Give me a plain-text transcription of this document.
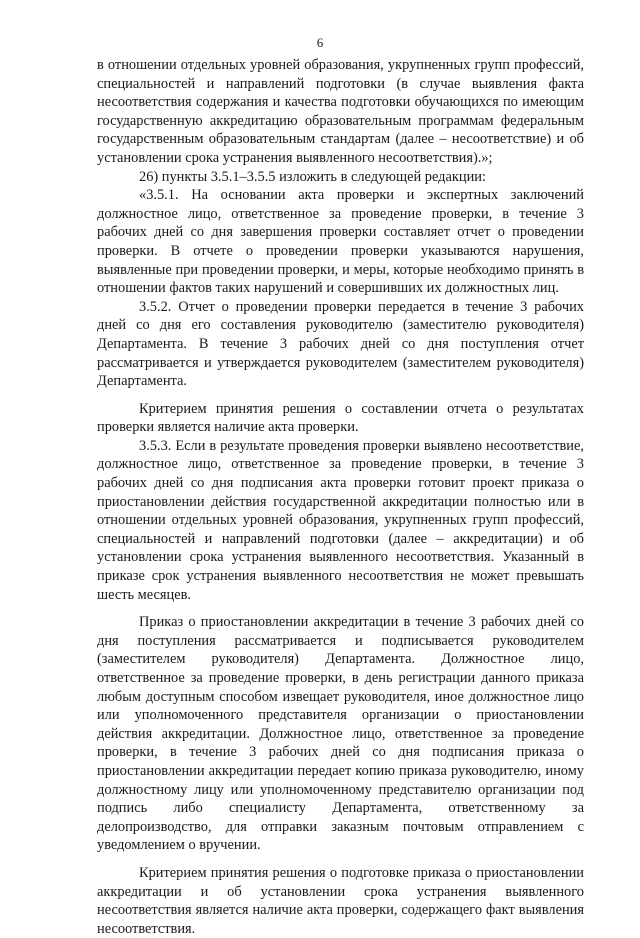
6

в отношении отдельных уровней образования, укрупненных групп профессий, специальностей и направлений подготовки (в случае выявления факта несоответствия содержания и качества подготовки обучающихся по имеющим государственную аккредитацию образовательным программам федеральным государственным образовательным стандартам (далее – несоответствие) и об установлении срока устранения выявленного несоответствия).»;

26) пункты 3.5.1–3.5.5 изложить в следующей редакции:

«3.5.1. На основании акта проверки и экспертных заключений должностное лицо, ответственное за проведение проверки, в течение 3 рабочих дней со дня завершения проверки составляет отчет о проведении проверки. В отчете о проведении проверки указываются нарушения, выявленные при проведении проверки, и меры, которые необходимо принять в отношении фактов таких нарушений и совершивших их должностных лиц.

3.5.2. Отчет о проведении проверки передается в течение 3 рабочих дней со дня его составления руководителю (заместителю руководителя) Департамента. В течение 3 рабочих дней со дня поступления отчет рассматривается и утверждается руководителем (заместителем руководителя) Департамента.

Критерием принятия решения о составлении отчета о результатах проверки является наличие акта проверки.

3.5.3. Если в результате проведения проверки выявлено несоответствие, должностное лицо, ответственное за проведение проверки, в течение 3 рабочих дней со дня подписания акта проверки готовит проект приказа о приостановлении действия государственной аккредитации полностью или в отношении отдельных уровней образования, укрупненных групп профессий, специальностей и направлений подготовки (далее – аккредитации) и об установлении срока устранения выявленного несоответствия. Указанный в приказе срок устранения выявленного несоответствия не может превышать шесть месяцев.

Приказ о приостановлении аккредитации в течение 3 рабочих дней со дня поступления рассматривается и подписывается руководителем (заместителем руководителя) Департамента. Должностное лицо, ответственное за проведение проверки, в день регистрации данного приказа любым доступным способом извещает руководителя, иное должностное лицо или уполномоченного представителя организации о приостановлении действия аккредитации. Должностное лицо, ответственное за проведение проверки, в течение 3 рабочих дней со дня подписания приказа о приостановлении аккредитации передает копию приказа руководителю, иному должностному лицу или уполномоченному представителю организации под подпись либо специалисту Департамента, ответственному за делопроизводство, для отправки заказным почтовым отправлением с уведомлением о вручении.

Критерием принятия решения о подготовке приказа о приостановлении аккредитации и об установлении срока устранения выявленного несоответствия является наличие акта проверки, содержащего факт выявления несоответствия.
